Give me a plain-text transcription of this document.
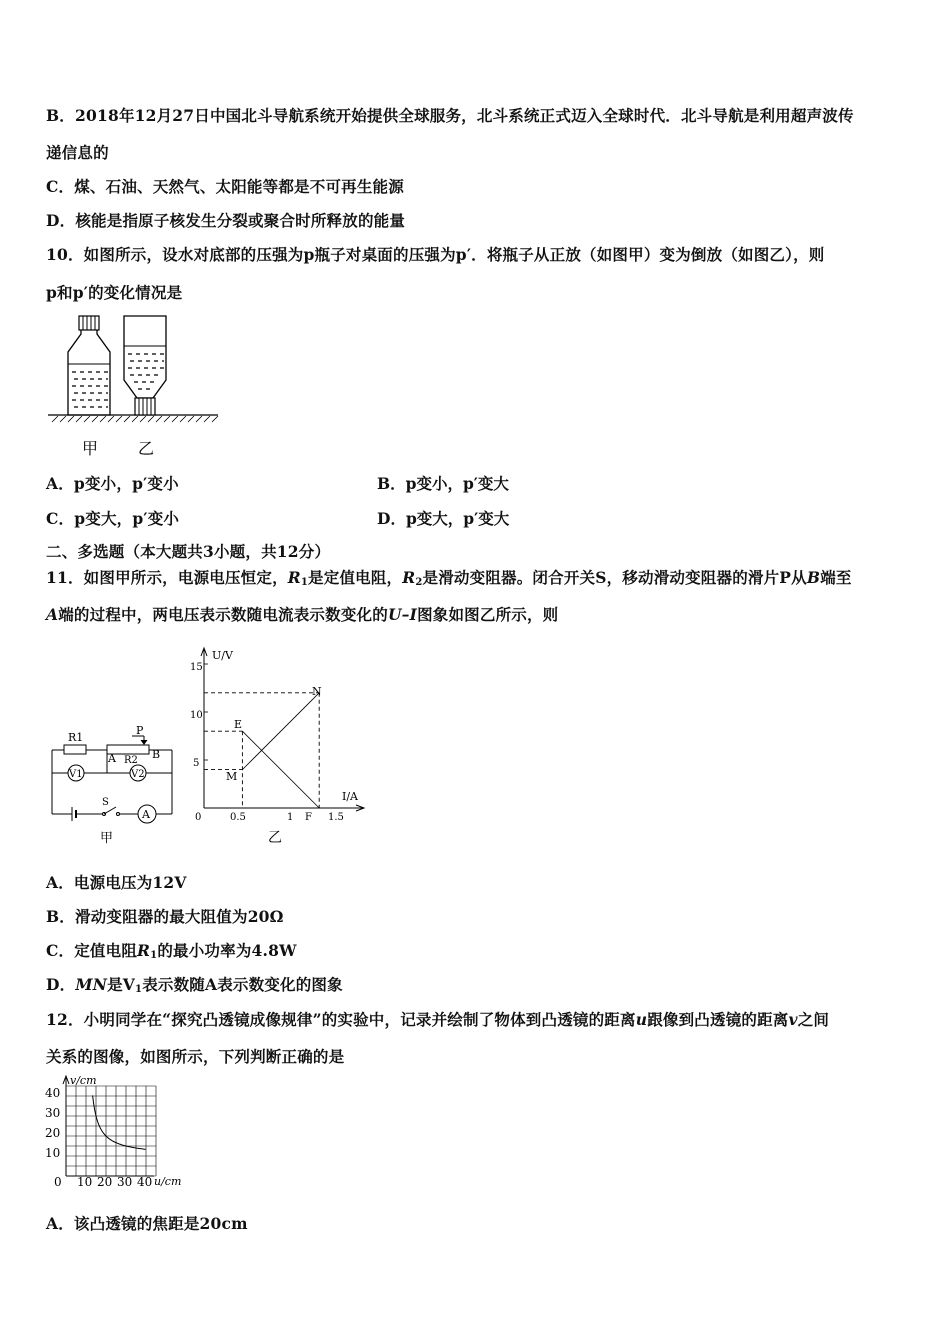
B．2018年12月27日中国北斗导航系统开始提供全球服务，北斗系统正式迈入全球时代．北斗导航是利用超声波传
递信息的
C．煤、石油、天然气、太阳能等都是不可再生能源
D．核能是指原子核发生分裂或聚合时所释放的能量
10．如图所示，设水对底部的压强为p瓶子对桌面的压强为p′．将瓶子从正放（如图甲）变为倒放（如图乙），则
p和p′的变化情况是
甲 乙
A．p变小，p′变小	B．p变小，p′变大
C．p变大，p′变小	D．p变大，p′变大
二、多选题（本大题共3小题，共12分）
11．如图甲所示，电源电压恒定，$R_1$是定值电阻，$R_2$是滑动变阻器。闭合开关S，移动滑动变阻器的滑片P从B端至
A端的过程中，两电压表示数随电流表示数变化的U–I图象如图乙所示，则
R1
P
A	B
R2
V1	V2
S
A
甲
U/V
I/A
乙
15
10
5
0	0.5	1	1.5
N
E
M
F
A．电源电压为12V
B．滑动变阻器的最大阻值为20Ω
C．定值电阻$R_1$的最小功率为4.8W
D．MN是$V_1$表示数随A表示数变化的图象
12．小明同学在“探究凸透镜成像规律”的实验中，记录并绘制了物体到凸透镜的距离u跟像到凸透镜的距离v之间
关系的图像，如图所示，下列判断正确的是
v/cm
u/cm
40
30
20
10
0 10 20 30 40
A．该凸透镜的焦距是20cm
